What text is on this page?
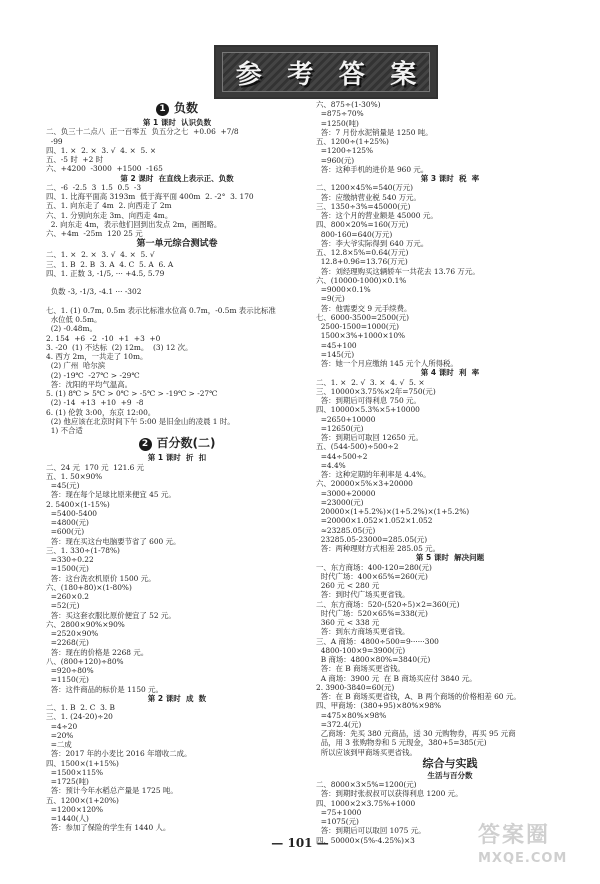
参 考 答 案
1 负数
第 1 课时  认识负数
二、负三十二点八  正一百零五  负五分之七  +0.06  +7/8
-99
四、1. ×  2. ×  3. √  4. ×  5. ×
五、-5 时  +2 时
六、+4200  -3000  +1500  -165
第 2 课时  在直线上表示正、负数
二、-6  -2.5  3  1.5  0.5  -3
四、1. 比海平面高 3193m  低于海平面 400m  2. -2°  3. 170
五、1. 向东走了 4m  2. 向西走了 2m
六、1. 分别向东走 3m、向西走 4m。
2. 向东走 4m，表示他们回到出发点 2m，画图略。
六、+4m  -25m  120 25 元
第一单元综合测试卷
二、1. ×  2. ×  3. √  4. ×  5. √
三、1. B  2. B  3. A  4. C  5. A  6. A
四、1. 正数 3, -1/5, ··· +4.5, 5.79
负数 -3, -1/3, -4.1 ··· -302
七、1. (1) 0.7m, 0.5m 表示比标准水位高 0.7m，-0.5m 表示比标准
水位低 0.5m。
(2) -0.48m。
2. 154  +6  -2  -10  +1  +3  +0
3. -20  (1) 不达标  (2) 12m。  (3) 12 次。
4. 西方 2m，一共走了 10m。
(2) 广州  哈尔滨
(2) -19℃  -27℃ > -29℃
答：沈阳的平均气温高。
5. (1) 8℃ > 5℃ > 0℃ > -5℃ > -19℃ > -27℃
(2) -14  +13  +10  +9  -8
6. (1) 伦敦 3:00，东京 12:00。
(2) 他应该在北京时间下午 5:00 是旧金山的凌晨 1 时。
1) 不合适
2 百分数(二)
第 1 课时  折  扣
二、24 元  170 元  121.6 元
五、1. 50×90%
=45(元)
答：现在每个足球比原来便宜 45 元。
2. 5400×(1-15%)
=5400-5400
=4800(元)
=600(元)
答：现在买这台电脑要节省了 600 元。
三、1. 330÷(1-78%)
=330÷0.22
=1500(元)
答：这台洗衣机原价 1500 元。
六、(180+80)×(1-80%)
=260×0.2
=52(元)
答：买这套衣服比原价便宜了 52 元。
六、2800×90%×90%
=2520×90%
=2268(元)
答：现在的价格是 2268 元。
八、(800+120)÷80%
=920÷80%
=1150(元)
答：这件商品的标价是 1150 元。
第 2 课时  成  数
二、1. B  2. C  3. B
三、1. (24-20)÷20
=4÷20
=20%
=二成
答：2017 年的小麦比 2016 年增收二成。
四、1500×(1+15%)
=1500×115%
=1725(吨)
答：预计今年水稻总产量是 1725 吨。
五、1200×(1+20%)
=1200×120%
=1440(人)
答：参加了保险的学生有 1440 人。
六、875÷(1-30%)
=875÷70%
=1250(吨)
答：7 月份水泥销量是 1250 吨。
五、1200÷(1+25%)
=1200÷125%
=960(元)
答：这种手机的进价是 960 元。
第 3 课时  税  率
二、1200×45%=540(万元)
答：应缴纳营业税 540 万元。
三、1350÷3%=45000(元)
答：这个月的营业额是 45000 元。
四、800×20%=160(万元)
800-160=640(万元)
答：李大爷实际得到 640 万元。
五、12.8×5%=0.64(万元)
12.8+0.96=13.76(万元)
答：刘经理购买这辆轿车一共花去 13.76 万元。
六、(10000-1000)×0.1%
=9000×0.1%
=9(元)
答：他需要交 9 元手续费。
七、6000-3500=2500(元)
2500-1500=1000(元)
1500×3%+1000×10%
=45+100
=145(元)
答：她一个月应缴纳 145 元个人所得税。
第 4 课时  利  率
二、1. ×  2. √  3. ×  4. √  5. ×
三、10000×3.75%×2年=750(元)
答：到期后可得利息 750 元。
四、10000×5.3%×5+10000
=2650+10000
=12650(元)
答：到期后可取回 12650 元。
五、(544-500)÷500÷2
=44÷500÷2
=4.4%
答：这种定期的年利率是 4.4%。
六、20000×5%×3+20000
=3000+20000
=23000(元)
20000×(1+5.2%)×(1+5.2%)×(1+5.2%)
=20000×1.052×1.052×1.052
≈23285.05(元)
23285.05-23000=285.05(元)
答：两种理财方式相差 285.05 元。
第 5 课时  解决问题
一、东方商场：400-120=280(元)
时代广场：400×65%=260(元)
260 元 < 280 元
答：到时代广场买更省钱。
二、东方商场：520-(520÷5)×2=360(元)
时代广场：520×65%=338(元)
360 元 < 338 元
答：到东方商场买更省钱。
三、A 商场：4800÷500=9······300
4800-100×9=3900(元)
B 商场：4800×80%=3840(元)
答：在 B 商场买更省钱。
A 商场：3900 元  在 B 商场买应付 3840 元。
2. 3900-3840=60(元)
答：在 B 商场买更省钱，A、B 两个商场的价格相差 60 元。
四、甲商场：(380+95)×80%×98%
=475×80%×98%
=372.4(元)
乙商场：先买 380 元商品，送 30 元购物券，再买 95 元商
品，用 3 张购物券和 5 元现金，380+5=385(元)
所以应该到甲商场买更省钱。
综合与实践
生活与百分数
二、8000×3×5%=1200(元)
答：到期时张叔叔可以获得利息 1200 元。
四、1000×2×3.75%+1000
=75+1000
=1075(元)
答：到期后可以取回 1075 元。
四、50000×(5%-4.25%)×3
— 101 —	答案圈
MXQE.COM
